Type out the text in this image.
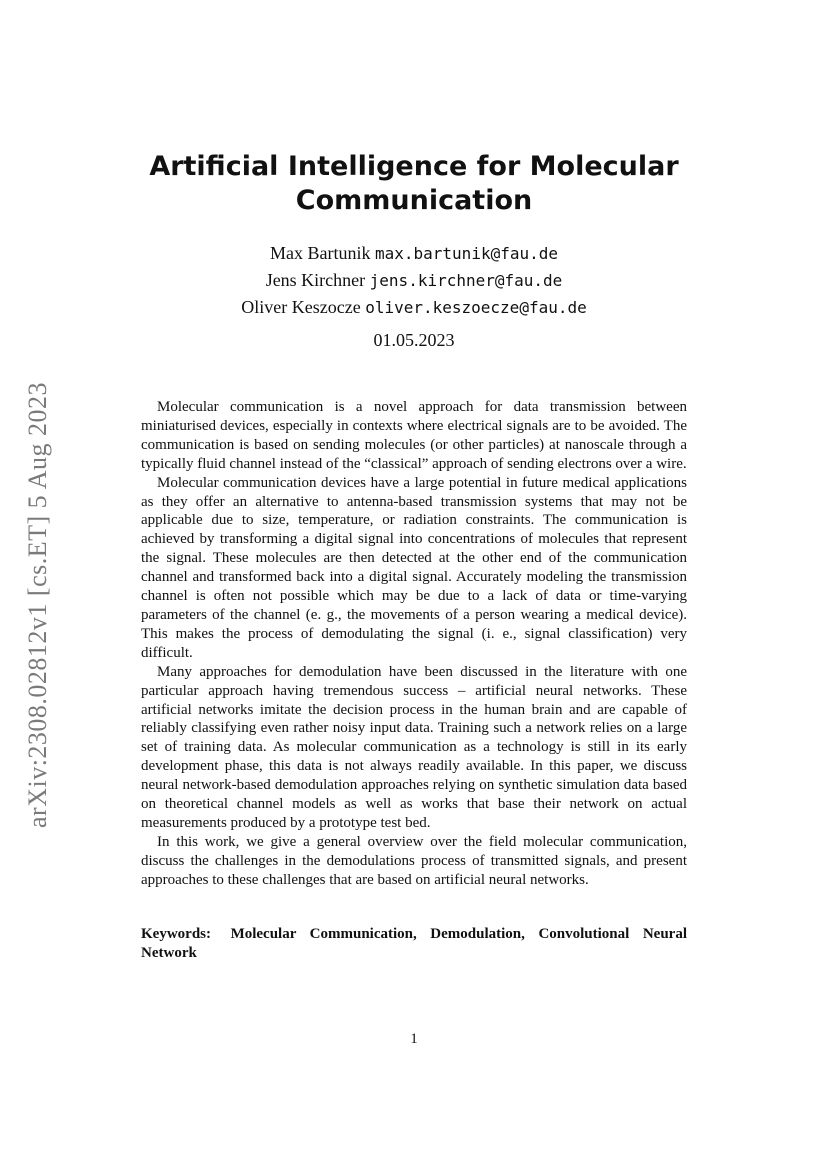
arXiv:2308.02812v1 [cs.ET] 5 Aug 2023
Artificial Intelligence for Molecular Communication
Max Bartunik max.bartunik@fau.de
Jens Kirchner jens.kirchner@fau.de
Oliver Keszocze oliver.keszoecze@fau.de
01.05.2023

Molecular communication is a novel approach for data transmission between miniaturised devices, especially in contexts where electrical signals are to be avoided. The communication is based on sending molecules (or other particles) at nanoscale through a typically fluid channel instead of the “classical” approach of sending electrons over a wire.

Molecular communication devices have a large potential in future medical applications as they offer an alternative to antenna-based transmission systems that may not be applicable due to size, temperature, or radiation constraints. The communication is achieved by transforming a digital signal into concentrations of molecules that represent the signal. These molecules are then detected at the other end of the communication channel and transformed back into a digital signal. Accurately modeling the transmission channel is often not possible which may be due to a lack of data or time-varying parameters of the channel (e. g., the movements of a person wearing a medical device). This makes the process of demodulating the signal (i. e., signal classification) very difficult.

Many approaches for demodulation have been discussed in the literature with one particular approach having tremendous success – artificial neural networks. These artificial networks imitate the decision process in the human brain and are capable of reliably classifying even rather noisy input data. Training such a network relies on a large set of training data. As molecular communication as a technology is still in its early development phase, this data is not always readily available. In this paper, we discuss neural network-based demodulation approaches relying on synthetic simulation data based on theoretical channel models as well as works that base their network on actual measurements produced by a prototype test bed.

In this work, we give a general overview over the field molecular communication, discuss the challenges in the demodulations process of transmitted signals, and present approaches to these challenges that are based on artificial neural networks.

Keywords: Molecular Communication, Demodulation, Convolutional Neural Network
1
